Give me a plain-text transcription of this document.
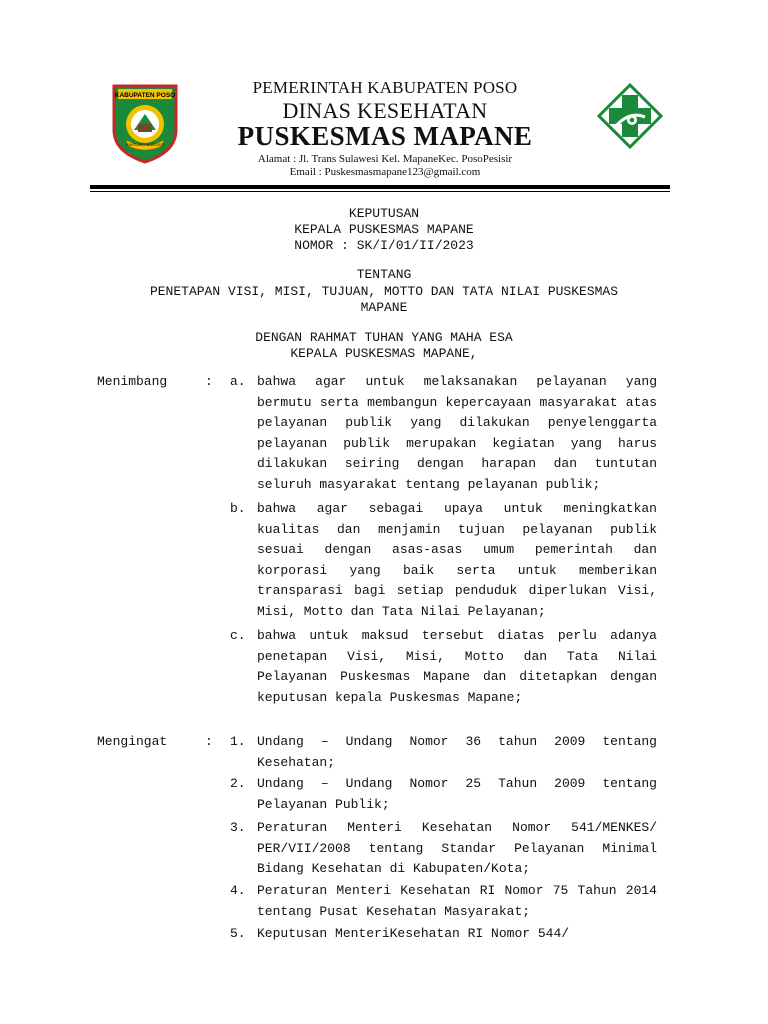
KABUPATEN POSO
SINTUWU MAROSO
PEMERINTAH KABUPATEN POSO
DINAS KESEHATAN
PUSKESMAS MAPANE
Alamat : Jl. Trans Sulawesi Kel. MapaneKec. PosoPesisir
Email : Puskesmasmapane123@gmail.com
KEPUTUSAN
KEPALA PUSKESMAS MAPANE
NOMOR : SK/I/01/II/2023
TENTANG
PENETAPAN VISI, MISI, TUJUAN, MOTTO DAN TATA NILAI PUSKESMAS
MAPANE
DENGAN RAHMAT TUHAN YANG MAHA ESA
KEPALA PUSKESMAS MAPANE,
Menimbang	: a. bahwa agar untuk melaksanakan pelayanan yang bermutu serta membangun kepercayaan masyarakat atas pelayanan publik yang dilakukan penyelenggarta pelayanan publik merupakan kegiatan yang harus dilakukan seiring dengan harapan dan tuntutan seluruh masyarakat tentang pelayanan publik;
b. bahwa agar sebagai upaya untuk meningkatkan kualitas dan menjamin tujuan pelayanan publik sesuai dengan asas-asas umum pemerintah dan korporasi yang baik serta untuk memberikan transparasi bagi setiap penduduk diperlukan Visi, Misi, Motto dan Tata Nilai Pelayanan;
c. bahwa untuk maksud tersebut diatas perlu adanya penetapan Visi, Misi, Motto dan Tata Nilai Pelayanan Puskesmas Mapane dan ditetapkan dengan keputusan kepala Puskesmas Mapane;
Mengingat	: 1. Undang – Undang Nomor 36 tahun 2009 tentang Kesehatan;
2. Undang – Undang Nomor 25 Tahun 2009 tentang Pelayanan Publik;
3. Peraturan Menteri Kesehatan Nomor 541/MENKES/ PER/VII/2008 tentang Standar Pelayanan Minimal Bidang Kesehatan di Kabupaten/Kota;
4. Peraturan Menteri Kesehatan RI Nomor 75 Tahun 2014 tentang Pusat Kesehatan Masyarakat;
5. Keputusan MenteriKesehatan RI Nomor 544/
